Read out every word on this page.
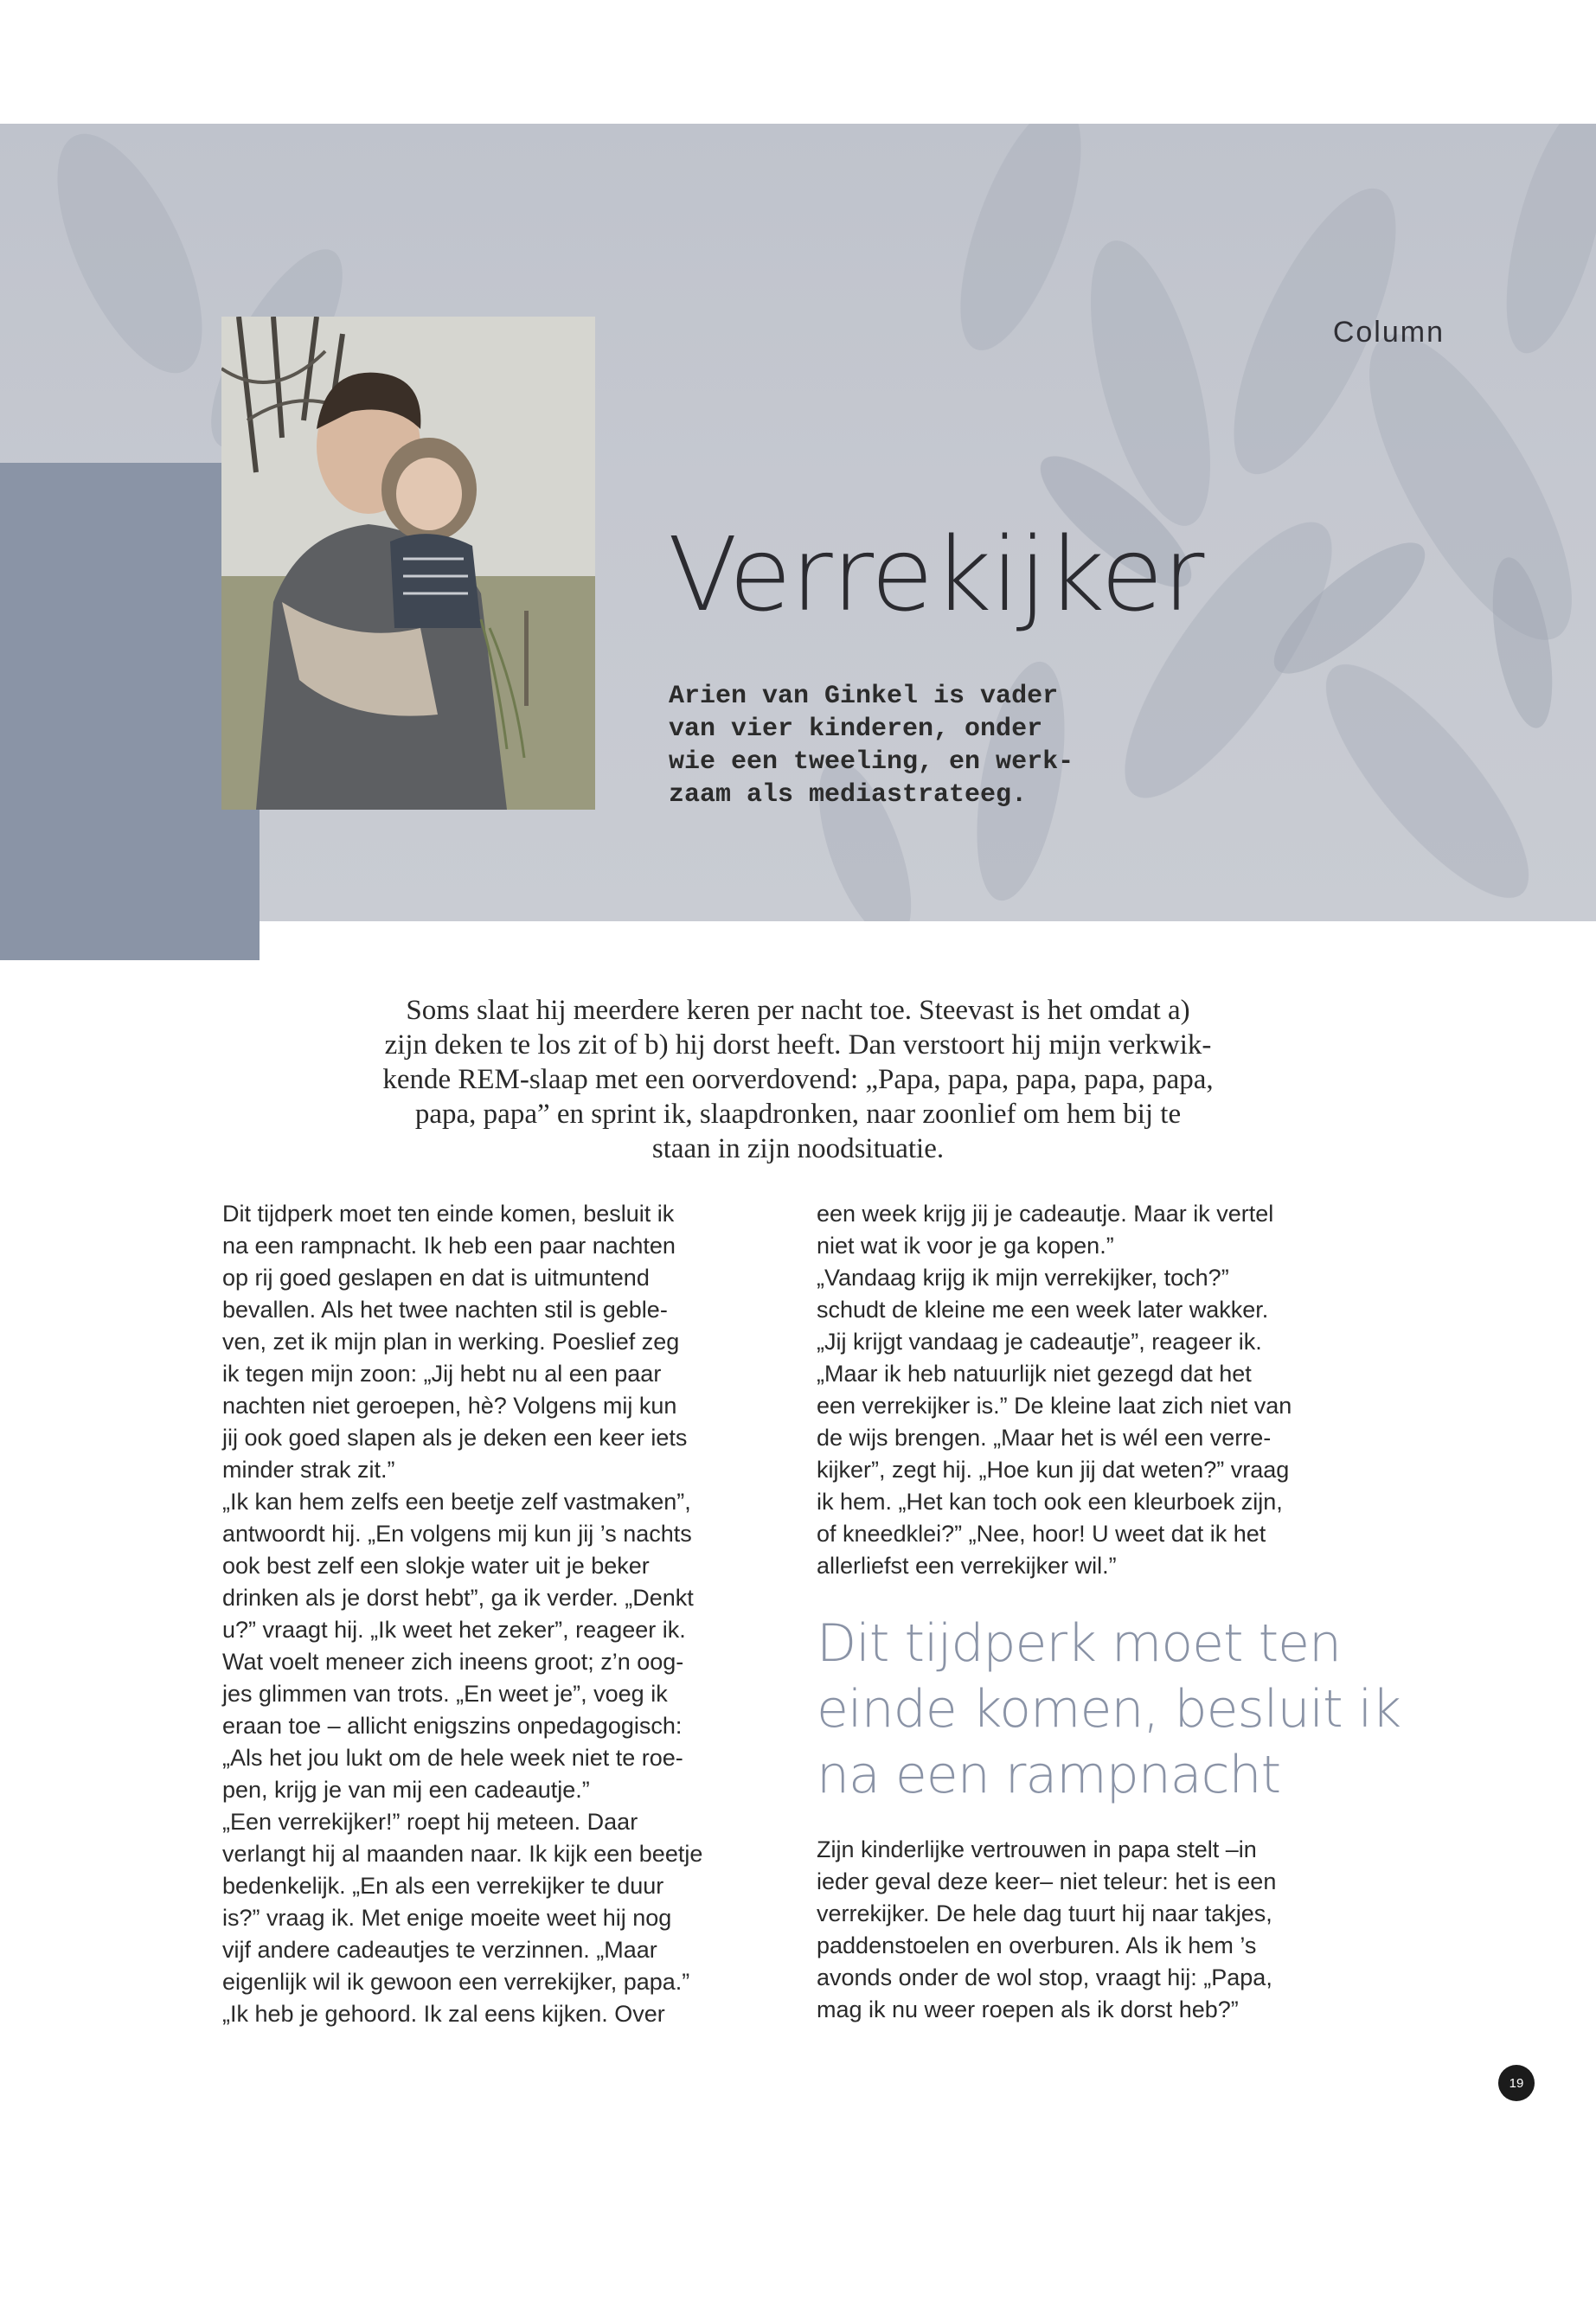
Column
Verrekijker
Arien van Ginkel is vader
van vier kinderen, onder
wie een tweeling, en werk-
zaam als mediastrateeg.
Soms slaat hij meerdere keren per nacht toe. Steevast is het omdat a)
zijn deken te los zit of b) hij dorst heeft. Dan verstoort hij mijn verkwik-
kende REM-slaap met een oorverdovend: „Papa, papa, papa, papa, papa,
papa, papa” en sprint ik, slaapdronken, naar zoonlief om hem bij te
staan in zijn noodsituatie.
Dit tijdperk moet ten einde komen, besluit ik
na een rampnacht. Ik heb een paar nachten
op rij goed geslapen en dat is uitmuntend
bevallen. Als het twee nachten stil is geble-
ven, zet ik mijn plan in werking. Poeslief zeg
ik tegen mijn zoon: „Jij hebt nu al een paar
nachten niet geroepen, hè? Volgens mij kun
jij ook goed slapen als je deken een keer iets
minder strak zit.”
„Ik kan hem zelfs een beetje zelf vastmaken”,
antwoordt hij. „En volgens mij kun jij ’s nachts
ook best zelf een slokje water uit je beker
drinken als je dorst hebt”, ga ik verder. „Denkt
u?” vraagt hij. „Ik weet het zeker”, reageer ik.
Wat voelt meneer zich ineens groot; z’n oog-
jes glimmen van trots. „En weet je”, voeg ik
eraan toe – allicht enigszins onpedagogisch:
„Als het jou lukt om de hele week niet te roe-
pen, krijg je van mij een cadeautje.”
„Een verrekijker!” roept hij meteen. Daar
verlangt hij al maanden naar. Ik kijk een beetje
bedenkelijk. „En als een verrekijker te duur
is?” vraag ik. Met enige moeite weet hij nog
vijf andere cadeautjes te verzinnen. „Maar
eigenlijk wil ik gewoon een verrekijker, papa.”
„Ik heb je gehoord. Ik zal eens kijken. Over
een week krijg jij je cadeautje. Maar ik vertel
niet wat ik voor je ga kopen.”
„Vandaag krijg ik mijn verrekijker, toch?”
schudt de kleine me een week later wakker.
„Jij krijgt vandaag je cadeautje”, reageer ik.
„Maar ik heb natuurlijk niet gezegd dat het
een verrekijker is.” De kleine laat zich niet van
de wijs brengen. „Maar het is wél een verre-
kijker”, zegt hij. „Hoe kun jij dat weten?” vraag
ik hem. „Het kan toch ook een kleurboek zijn,
of kneedklei?” „Nee, hoor! U weet dat ik het
allerliefst een verrekijker wil.”
Dit tijdperk moet ten
einde komen, besluit ik
na een rampnacht
Zijn kinderlijke vertrouwen in papa stelt –in
ieder geval deze keer– niet teleur: het is een
verrekijker. De hele dag tuurt hij naar takjes,
paddenstoelen en overburen. Als ik hem ’s
avonds onder de wol stop, vraagt hij: „Papa,
mag ik nu weer roepen als ik dorst heb?”
19
